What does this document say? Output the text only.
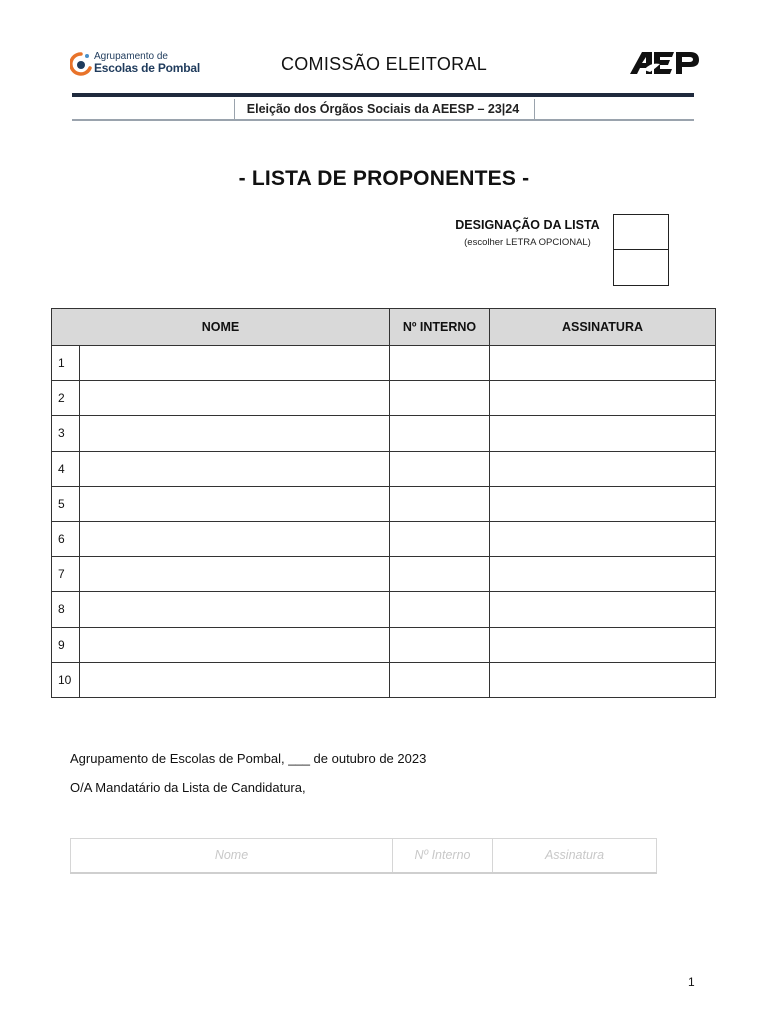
Agrupamento de
Escolas de Pombal	COMISSÃO ELEITORAL
Eleição dos Órgãos Sociais da AEESP – 23|24
- LISTA DE PROPONENTES -
DESIGNAÇÃO DA LISTA
(escolher LETRA OPCIONAL)
NOME		Nº INTERNO	ASSINATURA
1			
2			
3			
4			
5			
6			
7			
8			
9			
10			
Agrupamento de Escolas de Pombal, ___ de outubro de 2023
O/A Mandatário da Lista de Candidatura,
Nome	Nº Interno	Assinatura
1
